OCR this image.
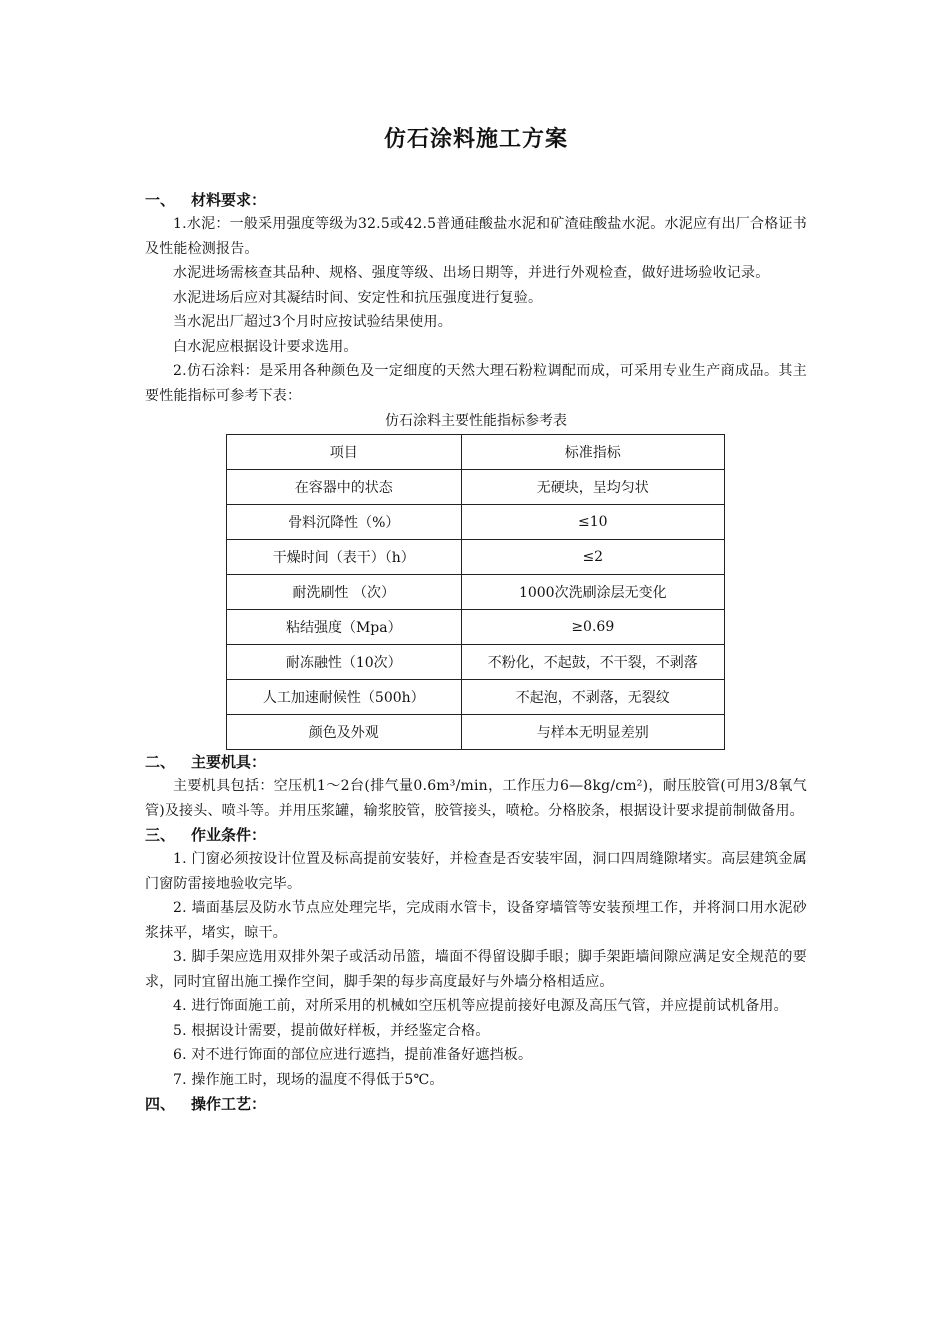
仿石涂料施工方案
一、 材料要求：

1.水泥：一般采用强度等级为32.5或42.5普通硅酸盐水泥和矿渣硅酸盐水泥。水泥应有出厂合格证书及性能检测报告。

水泥进场需核查其品种、规格、强度等级、出场日期等，并进行外观检查，做好进场验收记录。

水泥进场后应对其凝结时间、安定性和抗压强度进行复验。

当水泥出厂超过3个月时应按试验结果使用。

白水泥应根据设计要求选用。

2.仿石涂料：是采用各种颜色及一定细度的天然大理石粉粒调配而成，可采用专业生产商成品。其主要性能指标可参考下表：

仿石涂料主要性能指标参考表
项目	标准指标
在容器中的状态	无硬块，呈均匀状
骨料沉降性（%）	≤10
干燥时间（表干）（h）	≤2
耐洗刷性 （次）	1000次洗刷涂层无变化
粘结强度（Mpa）	≥0.69
耐冻融性（10次）	不粉化，不起鼓，不干裂，不剥落
人工加速耐候性（500h）	不起泡，不剥落，无裂纹
颜色及外观	与样本无明显差别
二、 主要机具：

主要机具包括：空压机1～2台(排气量0.6m³/min，工作压力6—8kg/cm²)，耐压胶管(可用3/8氧气管)及接头、喷斗等。并用压浆罐，输浆胶管，胶管接头，喷枪。分格胶条，根据设计要求提前制做备用。

三、 作业条件：

1. 门窗必须按设计位置及标高提前安装好，并检查是否安装牢固，洞口四周缝隙堵实。高层建筑金属门窗防雷接地验收完毕。

2. 墙面基层及防水节点应处理完毕，完成雨水管卡，设备穿墙管等安装预埋工作，并将洞口用水泥砂浆抹平，堵实，晾干。

3. 脚手架应选用双排外架子或活动吊篮，墙面不得留设脚手眼；脚手架距墙间隙应满足安全规范的要求，同时宜留出施工操作空间，脚手架的每步高度最好与外墙分格相适应。

4. 进行饰面施工前，对所采用的机械如空压机等应提前接好电源及高压气管，并应提前试机备用。

5. 根据设计需要，提前做好样板，并经鉴定合格。

6. 对不进行饰面的部位应进行遮挡，提前准备好遮挡板。

7. 操作施工时，现场的温度不得低于5℃。

四、 操作工艺：
